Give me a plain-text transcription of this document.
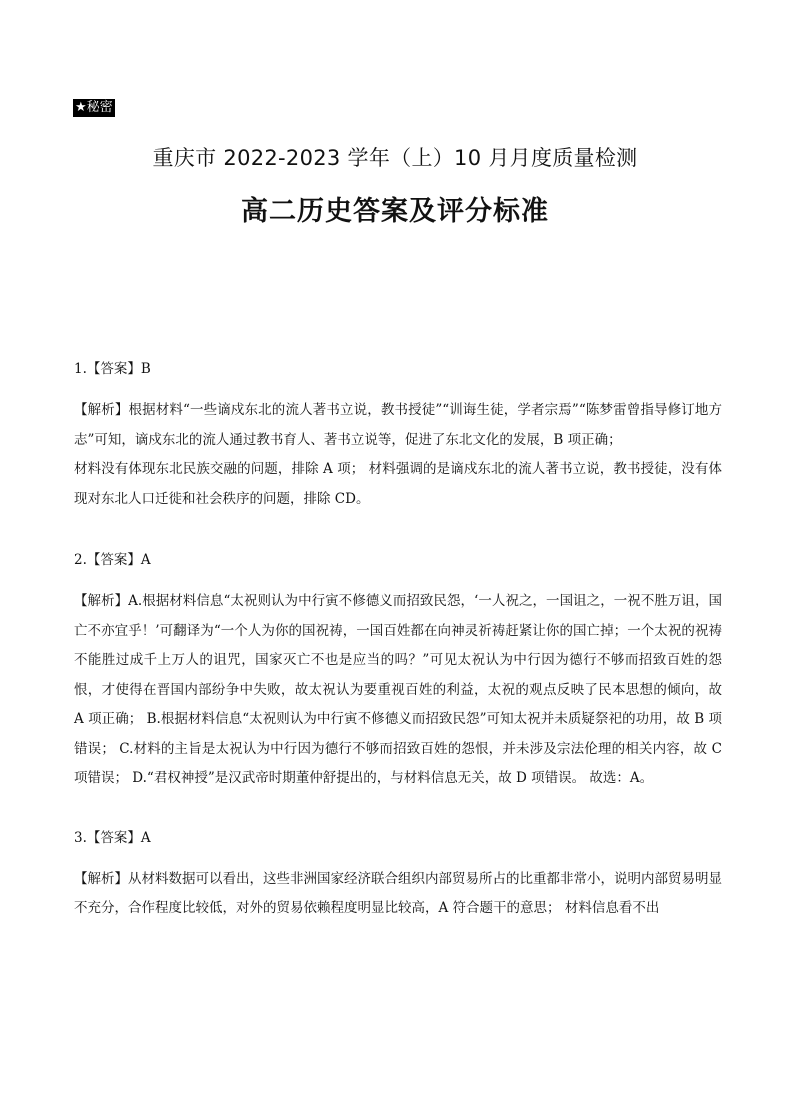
★秘密
重庆市 2022-2023 学年（上）10 月月度质量检测
高二历史答案及评分标准

1.【答案】B

【解析】根据材料“一些谪戍东北的流人著书立说，教书授徒”“训诲生徒，学者宗焉”“陈梦雷曾指导修订地方志”可知，谪戍东北的流人通过教书育人、著书立说等，促进了东北文化的发展，B 项正确；

材料没有体现东北民族交融的问题，排除 A 项； 材料强调的是谪戍东北的流人著书立说，教书授徒，没有体现对东北人口迁徙和社会秩序的问题，排除 CD。

2.【答案】A

【解析】A.根据材料信息“太祝则认为中行寅不修德义而招致民怨，‘一人祝之，一国诅之，一祝不胜万诅，国亡不亦宜乎！’可翻译为“一个人为你的国祝祷，一国百姓都在向神灵祈祷赶紧让你的国亡掉；一个太祝的祝祷不能胜过成千上万人的诅咒，国家灭亡不也是应当的吗？”可见太祝认为中行因为德行不够而招致百姓的怨恨，才使得在晋国内部纷争中失败，故太祝认为要重视百姓的利益，太祝的观点反映了民本思想的倾向，故 A 项正确； B.根据材料信息“太祝则认为中行寅不修德义而招致民怨”可知太祝并未质疑祭祀的功用，故 B 项错误； C.材料的主旨是太祝认为中行因为德行不够而招致百姓的怨恨，并未涉及宗法伦理的相关内容，故 C 项错误； D.“君权神授”是汉武帝时期董仲舒提出的，与材料信息无关，故 D 项错误。 故选：A。

3.【答案】A

【解析】从材料数据可以看出，这些非洲国家经济联合组织内部贸易所占的比重都非常小，说明内部贸易明显不充分，合作程度比较低，对外的贸易依赖程度明显比较高，A 符合题干的意思； 材料信息看不出
